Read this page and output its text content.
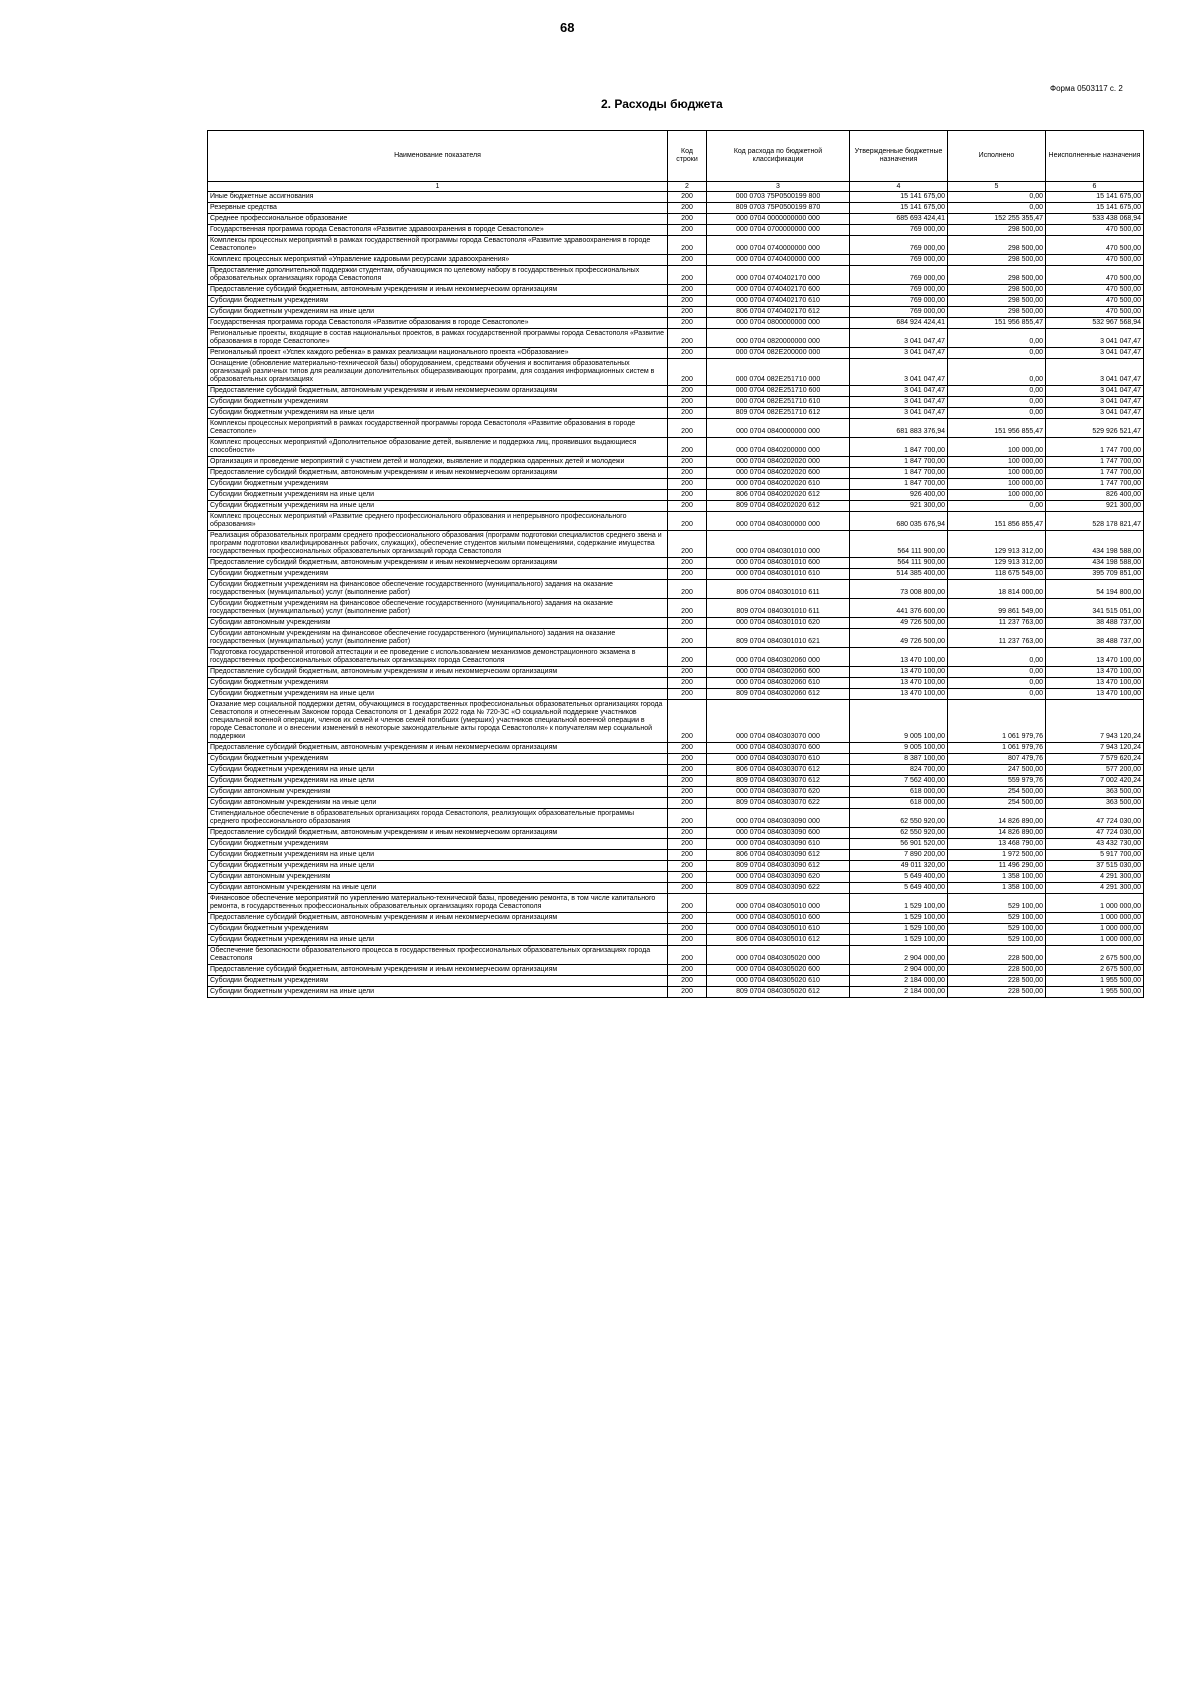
68
Форма 0503117 с. 2
2. Расходы бюджета
Наименование показателя	Код строки	Код расхода по бюджетной классификации	Утвержденные бюджетные назначения	Исполнено	Неисполненные назначения
1	2	3	4	5	6
Иные бюджетные ассигнования	200	000 0703 75P0500199 800	15 141 675,00	0,00	15 141 675,00
Резервные средства	200	809 0703 75P0500199 870	15 141 675,00	0,00	15 141 675,00
Среднее профессиональное образование	200	000 0704 0000000000 000	685 693 424,41	152 255 355,47	533 438 068,94
Государственная программа города Севастополя «Развитие здравоохранения в городе Севастополе»	200	000 0704 0700000000 000	769 000,00	298 500,00	470 500,00
Комплексы процессных мероприятий в рамках государственной программы города Севастополя «Развитие здравоохранения в городе Севастополе»	200	000 0704 0740000000 000	769 000,00	298 500,00	470 500,00
Комплекс процессных мероприятий «Управление кадровыми ресурсами здравоохранения»	200	000 0704 0740400000 000	769 000,00	298 500,00	470 500,00
Предоставление дополнительной поддержки студентам, обучающимся по целевому набору в государственных профессиональных образовательных организациях города Севастополя	200	000 0704 0740402170 000	769 000,00	298 500,00	470 500,00
Предоставление субсидий бюджетным, автономным учреждениям и иным некоммерческим организациям	200	000 0704 0740402170 600	769 000,00	298 500,00	470 500,00
Субсидии бюджетным учреждениям	200	000 0704 0740402170 610	769 000,00	298 500,00	470 500,00
Субсидии бюджетным учреждениям на иные цели	200	806 0704 0740402170 612	769 000,00	298 500,00	470 500,00
Государственная программа города Севастополя «Развитие образования в городе Севастополе»	200	000 0704 0800000000 000	684 924 424,41	151 956 855,47	532 967 568,94
Региональные проекты, входящие в состав национальных проектов, в рамках государственной программы города Севастополя «Развитие образования в городе Севастополе»	200	000 0704 0820000000 000	3 041 047,47	0,00	3 041 047,47
Региональный проект «Успех каждого ребенка» в рамках реализации национального проекта «Образование»	200	000 0704 082E200000 000	3 041 047,47	0,00	3 041 047,47
Оснащение (обновление материально-технической базы) оборудованием, средствами обучения и воспитания образовательных организаций различных типов для реализации дополнительных общеразвивающих программ, для создания информационных систем в образовательных организациях	200	000 0704 082E251710 000	3 041 047,47	0,00	3 041 047,47
Предоставление субсидий бюджетным, автономным учреждениям и иным некоммерческим организациям	200	000 0704 082E251710 600	3 041 047,47	0,00	3 041 047,47
Субсидии бюджетным учреждениям	200	000 0704 082E251710 610	3 041 047,47	0,00	3 041 047,47
Субсидии бюджетным учреждениям на иные цели	200	809 0704 082E251710 612	3 041 047,47	0,00	3 041 047,47
Комплексы процессных мероприятий в рамках государственной программы города Севастополя «Развитие образования в городе Севастополе»	200	000 0704 0840000000 000	681 883 376,94	151 956 855,47	529 926 521,47
Комплекс процессных мероприятий «Дополнительное образование детей, выявление и поддержка лиц, проявивших выдающиеся способности»	200	000 0704 0840200000 000	1 847 700,00	100 000,00	1 747 700,00
Организация и проведение мероприятий с участием детей и молодежи, выявление и поддержка одаренных детей и молодежи	200	000 0704 0840202020 000	1 847 700,00	100 000,00	1 747 700,00
Предоставление субсидий бюджетным, автономным учреждениям и иным некоммерческим организациям	200	000 0704 0840202020 600	1 847 700,00	100 000,00	1 747 700,00
Субсидии бюджетным учреждениям	200	000 0704 0840202020 610	1 847 700,00	100 000,00	1 747 700,00
Субсидии бюджетным учреждениям на иные цели	200	806 0704 0840202020 612	926 400,00	100 000,00	826 400,00
Субсидии бюджетным учреждениям на иные цели	200	809 0704 0840202020 612	921 300,00	0,00	921 300,00
Комплекс процессных мероприятий «Развитие среднего профессионального образования и непрерывного профессионального образования»	200	000 0704 0840300000 000	680 035 676,94	151 856 855,47	528 178 821,47
Реализация образовательных программ среднего профессионального образования (программ подготовки специалистов среднего звена и программ подготовки квалифицированных рабочих, служащих), обеспечение студентов жилыми помещениями, содержание имущества государственных профессиональных образовательных организаций города Севастополя	200	000 0704 0840301010 000	564 111 900,00	129 913 312,00	434 198 588,00
Предоставление субсидий бюджетным, автономным учреждениям и иным некоммерческим организациям	200	000 0704 0840301010 600	564 111 900,00	129 913 312,00	434 198 588,00
Субсидии бюджетным учреждениям	200	000 0704 0840301010 610	514 385 400,00	118 675 549,00	395 709 851,00
Субсидии бюджетным учреждениям на финансовое обеспечение государственного (муниципального) задания на оказание государственных (муниципальных) услуг (выполнение работ)	200	806 0704 0840301010 611	73 008 800,00	18 814 000,00	54 194 800,00
Субсидии бюджетным учреждениям на финансовое обеспечение государственного (муниципального) задания на оказание государственных (муниципальных) услуг (выполнение работ)	200	809 0704 0840301010 611	441 376 600,00	99 861 549,00	341 515 051,00
Субсидии автономным учреждениям	200	000 0704 0840301010 620	49 726 500,00	11 237 763,00	38 488 737,00
Субсидии автономным учреждениям на финансовое обеспечение государственного (муниципального) задания на оказание государственных (муниципальных) услуг (выполнение работ)	200	809 0704 0840301010 621	49 726 500,00	11 237 763,00	38 488 737,00
Подготовка государственной итоговой аттестации и ее проведение с использованием механизмов демонстрационного экзамена в государственных профессиональных образовательных организациях города Севастополя	200	000 0704 0840302060 000	13 470 100,00	0,00	13 470 100,00
Предоставление субсидий бюджетным, автономным учреждениям и иным некоммерческим организациям	200	000 0704 0840302060 600	13 470 100,00	0,00	13 470 100,00
Субсидии бюджетным учреждениям	200	000 0704 0840302060 610	13 470 100,00	0,00	13 470 100,00
Субсидии бюджетным учреждениям на иные цели	200	809 0704 0840302060 612	13 470 100,00	0,00	13 470 100,00
Оказание мер социальной поддержки детям, обучающимся в государственных профессиональных образовательных организациях города Севастополя и отнесенным Законом города Севастополя от 1 декабря 2022 года № 720-ЗС «О социальной поддержке участников специальной военной операции, членов их семей и членов семей погибших (умерших) участников специальной военной операции в городе Севастополе и о внесении изменений в некоторые законодательные акты города Севастополя» к получателям мер социальной поддержки	200	000 0704 0840303070 000	9 005 100,00	1 061 979,76	7 943 120,24
Предоставление субсидий бюджетным, автономным учреждениям и иным некоммерческим организациям	200	000 0704 0840303070 600	9 005 100,00	1 061 979,76	7 943 120,24
Субсидии бюджетным учреждениям	200	000 0704 0840303070 610	8 387 100,00	807 479,76	7 579 620,24
Субсидии бюджетным учреждениям на иные цели	200	806 0704 0840303070 612	824 700,00	247 500,00	577 200,00
Субсидии бюджетным учреждениям на иные цели	200	809 0704 0840303070 612	7 562 400,00	559 979,76	7 002 420,24
Субсидии автономным учреждениям	200	000 0704 0840303070 620	618 000,00	254 500,00	363 500,00
Субсидии автономным учреждениям на иные цели	200	809 0704 0840303070 622	618 000,00	254 500,00	363 500,00
Стипендиальное обеспечение в образовательных организациях города Севастополя, реализующих образовательные программы среднего профессионального образования	200	000 0704 0840303090 000	62 550 920,00	14 826 890,00	47 724 030,00
Предоставление субсидий бюджетным, автономным учреждениям и иным некоммерческим организациям	200	000 0704 0840303090 600	62 550 920,00	14 826 890,00	47 724 030,00
Субсидии бюджетным учреждениям	200	000 0704 0840303090 610	56 901 520,00	13 468 790,00	43 432 730,00
Субсидии бюджетным учреждениям на иные цели	200	806 0704 0840303090 612	7 890 200,00	1 972 500,00	5 917 700,00
Субсидии бюджетным учреждениям на иные цели	200	809 0704 0840303090 612	49 011 320,00	11 496 290,00	37 515 030,00
Субсидии автономным учреждениям	200	000 0704 0840303090 620	5 649 400,00	1 358 100,00	4 291 300,00
Субсидии автономным учреждениям на иные цели	200	809 0704 0840303090 622	5 649 400,00	1 358 100,00	4 291 300,00
Финансовое обеспечение мероприятий по укреплению материально-технической базы, проведению ремонта, в том числе капитального ремонта, в государственных профессиональных образовательных организациях города Севастополя	200	000 0704 0840305010 000	1 529 100,00	529 100,00	1 000 000,00
Предоставление субсидий бюджетным, автономным учреждениям и иным некоммерческим организациям	200	000 0704 0840305010 600	1 529 100,00	529 100,00	1 000 000,00
Субсидии бюджетным учреждениям	200	000 0704 0840305010 610	1 529 100,00	529 100,00	1 000 000,00
Субсидии бюджетным учреждениям на иные цели	200	806 0704 0840305010 612	1 529 100,00	529 100,00	1 000 000,00
Обеспечение безопасности образовательного процесса в государственных профессиональных образовательных организациях города Севастополя	200	000 0704 0840305020 000	2 904 000,00	228 500,00	2 675 500,00
Предоставление субсидий бюджетным, автономным учреждениям и иным некоммерческим организациям	200	000 0704 0840305020 600	2 904 000,00	228 500,00	2 675 500,00
Субсидии бюджетным учреждениям	200	000 0704 0840305020 610	2 184 000,00	228 500,00	1 955 500,00
Субсидии бюджетным учреждениям на иные цели	200	809 0704 0840305020 612	2 184 000,00	228 500,00	1 955 500,00
